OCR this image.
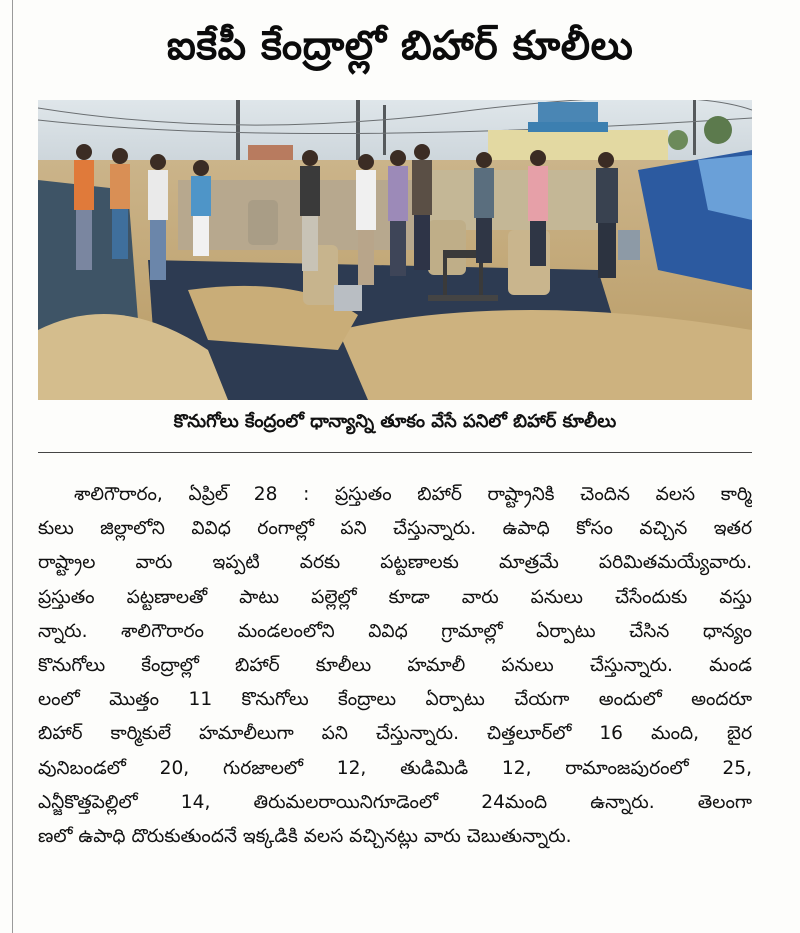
ఐకేపీ కేంద్రాల్లో బిహార్ కూలీలు
కొనుగోలు కేంద్రంలో ధాన్యాన్ని తూకం వేసే పనిలో బిహార్ కూలీలు
శాలిగౌరారం, ఏప్రిల్ 28 : ప్రస్తుతం బిహార్ రాష్ట్రానికి చెందిన వలస కార్మి
కులు జిల్లాలోని వివిధ రంగాల్లో పని చేస్తున్నారు. ఉపాధి కోసం వచ్చిన ఇతర
రాష్ట్రాల వారు ఇప్పటి వరకు పట్టణాలకు మాత్రమే పరిమితమయ్యేవారు.
ప్రస్తుతం పట్టణాలతో పాటు పల్లెల్లో కూడా వారు పనులు చేసేందుకు వస్తు
న్నారు. శాలిగౌరారం మండలంలోని వివిధ గ్రామాల్లో ఏర్పాటు చేసిన ధాన్యం
కొనుగోలు కేంద్రాల్లో బిహార్ కూలీలు హమాలీ పనులు చేస్తున్నారు. మండ
లంలో మొత్తం 11 కొనుగోలు కేంద్రాలు ఏర్పాటు చేయగా అందులో అందరూ
బిహార్ కార్మికులే హమాలీలుగా పని చేస్తున్నారు. చిత్తలూర్‌లో 16 మంది, బైర
వునిబండలో 20, గురజాలలో 12, తుడిమిడి 12, రామాంజపురంలో 25,
ఎన్జీకొత్తపెల్లిలో 14, తిరుమలరాయినిగూడెంలో 24మంది ఉన్నారు. తెలంగా
ణలో ఉపాధి దొరుకుతుందనే ఇక్కడికి వలస వచ్చినట్లు వారు చెబుతున్నారు.
